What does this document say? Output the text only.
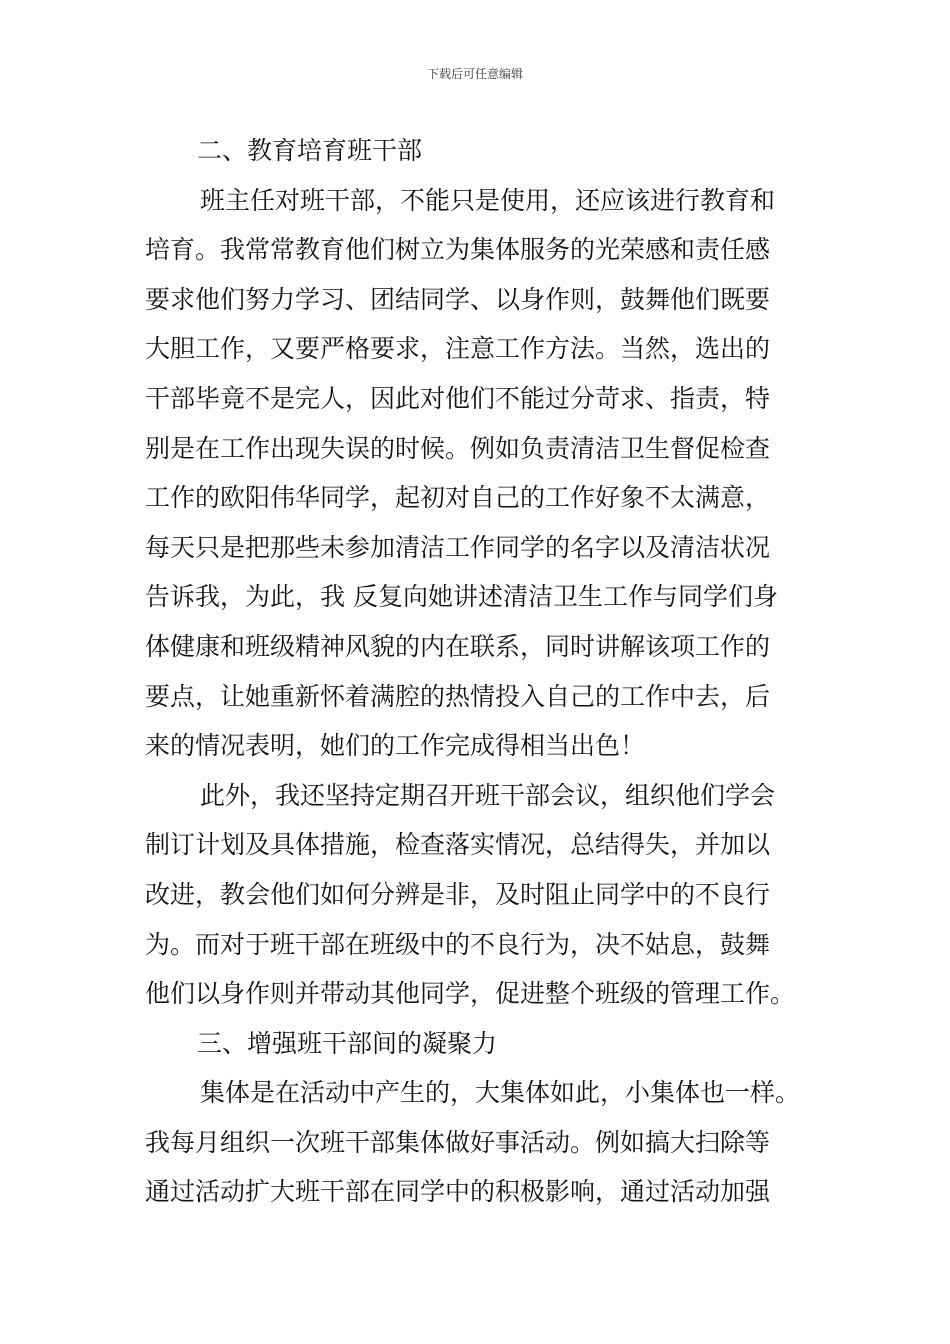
下载后可任意编辑
二、教育培育班干部
班主任对班干部，不能只是使用，还应该进行教育和
培育。我常常教育他们树立为集体服务的光荣感和责任感
要求他们努力学习、团结同学、以身作则，鼓舞他们既要
大胆工作，又要严格要求，注意工作方法。当然，选出的
干部毕竟不是完人，因此对他们不能过分苛求、指责，特
别是在工作出现失误的时候。例如负责清洁卫生督促检查
工作的欧阳伟华同学，起初对自己的工作好象不太满意，
每天只是把那些未参加清洁工作同学的名字以及清洁状况
告诉我，为此，我 反复向她讲述清洁卫生工作与同学们身
体健康和班级精神风貌的内在联系，同时讲解该项工作的
要点，让她重新怀着满腔的热情投入自己的工作中去，后
来的情况表明，她们的工作完成得相当出色！
此外，我还坚持定期召开班干部会议，组织他们学会
制订计划及具体措施，检查落实情况，总结得失，并加以
改进，教会他们如何分辨是非，及时阻止同学中的不良行
为。而对于班干部在班级中的不良行为，决不姑息，鼓舞
他们以身作则并带动其他同学，促进整个班级的管理工作。
三、增强班干部间的凝聚力
集体是在活动中产生的，大集体如此，小集体也一样。
我每月组织一次班干部集体做好事活动。例如搞大扫除等
通过活动扩大班干部在同学中的积极影响，通过活动加强
